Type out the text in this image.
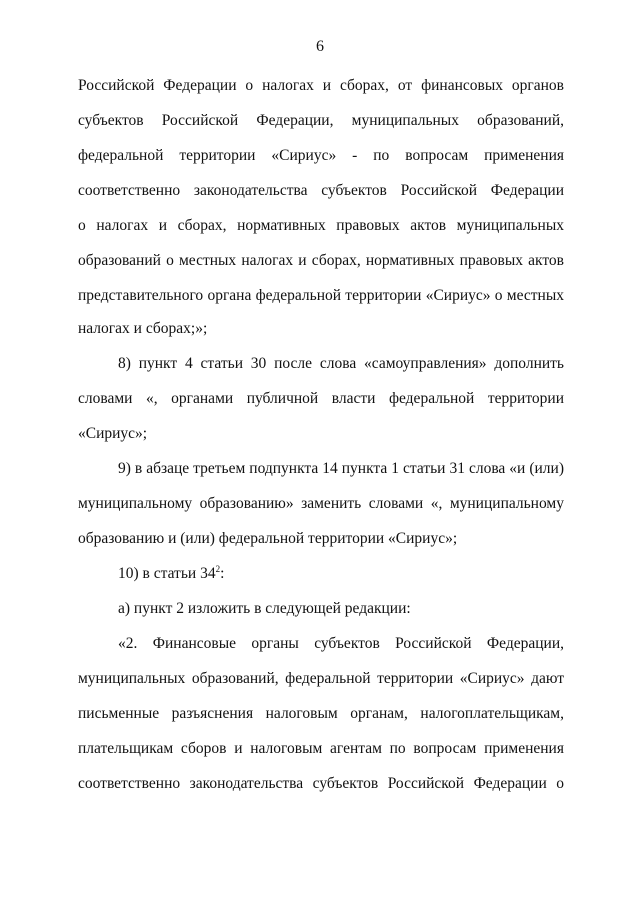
6
Российской Федерации о налогах и сборах, от финансовых органов
субъектов Российской Федерации, муниципальных образований,
федеральной территории «Сириус» - по вопросам применения
соответственно законодательства субъектов Российской Федерации
о налогах и сборах, нормативных правовых актов муниципальных
образований о местных налогах и сборах, нормативных правовых актов
представительного органа федеральной территории «Сириус» о местных
налогах и сборах;»;
8) пункт 4 статьи 30 после слова «самоуправления» дополнить
словами «, органами публичной власти федеральной территории
«Сириус»;
9) в абзаце третьем подпункта 14 пункта 1 статьи 31 слова «и (или)
муниципальному образованию» заменить словами «, муниципальному
образованию и (или) федеральной территории «Сириус»;
10) в статьи $34^2$:
а) пункт 2 изложить в следующей редакции:
«2. Финансовые органы субъектов Российской Федерации,
муниципальных образований, федеральной территории «Сириус» дают
письменные разъяснения налоговым органам, налогоплательщикам,
плательщикам сборов и налоговым агентам по вопросам применения
соответственно законодательства субъектов Российской Федерации о
